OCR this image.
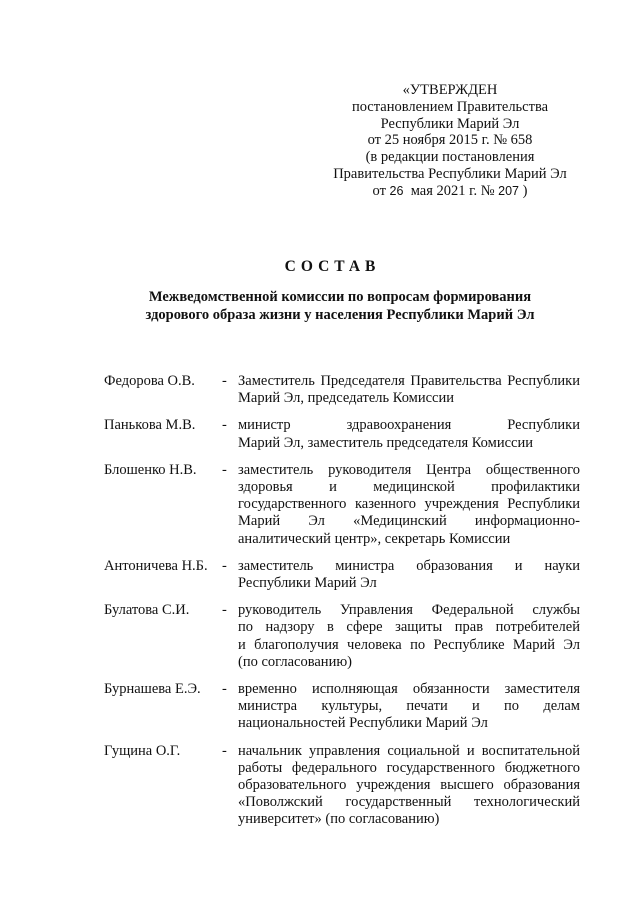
«УТВЕРЖДЕН
постановлением Правительства
Республики Марий Эл
от 25 ноября 2015 г. № 658
(в редакции постановления
Правительства Республики Марий Эл
от 26 мая 2021 г. № 207 )
СОСТАВ
Межведомственной комиссии по вопросам формирования
здорового образа жизни у населения Республики Марий Эл
Федорова О.В.	- Заместитель Председателя Правительства Республики
Марий Эл, председатель Комиссии
Панькова М.В.	- министр здравоохранения Республики
Марий Эл, заместитель председателя Комиссии
Блошенко Н.В.	- заместитель руководителя Центра общественного
здоровья и медицинской профилактики
государственного казенного учреждения Республики
Марий Эл «Медицинский информационно-
аналитический центр», секретарь Комиссии
Антоничева Н.Б. - заместитель министра образования и науки
Республики Марий Эл
Булатова С.И.	- руководитель Управления Федеральной службы
по надзору в сфере защиты прав потребителей
и благополучия человека по Республике Марий Эл
(по согласованию)
Бурнашева Е.Э.	- временно исполняющая обязанности заместителя
министра культуры, печати и по делам
национальностей Республики Марий Эл
Гущина О.Г.	- начальник управления социальной и воспитательной
работы федерального государственного бюджетного
образовательного учреждения высшего образования
«Поволжский государственный технологический
университет» (по согласованию)
